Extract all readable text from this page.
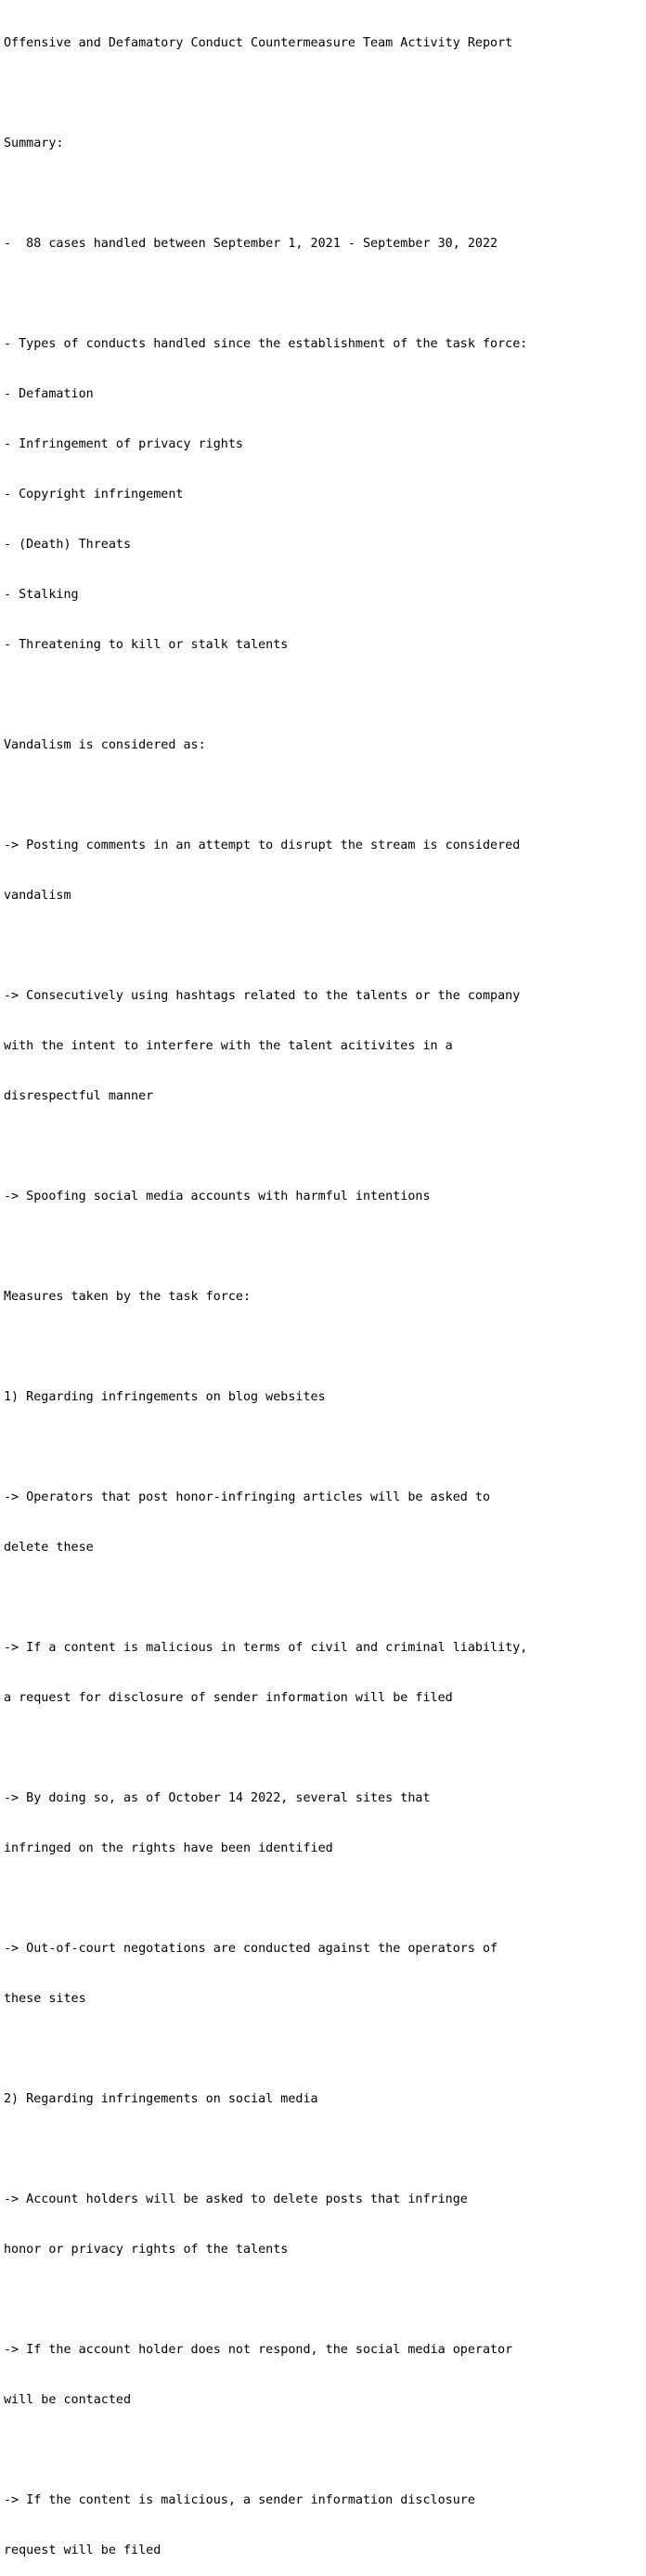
Offensive and Defamatory Conduct Countermeasure Team Activity Report

Summary:

-  88 cases handled between September 1, 2021 - September 30, 2022

- Types of conducts handled since the establishment of the task force:

- Defamation

- Infringement of privacy rights

- Copyright infringement

- (Death) Threats

- Stalking

- Threatening to kill or stalk talents

Vandalism is considered as:

-> Posting comments in an attempt to disrupt the stream is considered

vandalism

-> Consecutively using hashtags related to the talents or the company

with the intent to interfere with the talent acitivites in a

disrespectful manner

-> Spoofing social media accounts with harmful intentions

Measures taken by the task force:

1) Regarding infringements on blog websites

-> Operators that post honor-infringing articles will be asked to

delete these

-> If a content is malicious in terms of civil and criminal liability,

a request for disclosure of sender information will be filed

-> By doing so, as of October 14 2022, several sites that

infringed on the rights have been identified

-> Out-of-court negotations are conducted against the operators of

these sites

2) Regarding infringements on social media

-> Account holders will be asked to delete posts that infringe

honor or privacy rights of the talents

-> If the account holder does not respond, the social media operator

will be contacted

-> If the content is malicious, a sender information disclosure

request will be filed
